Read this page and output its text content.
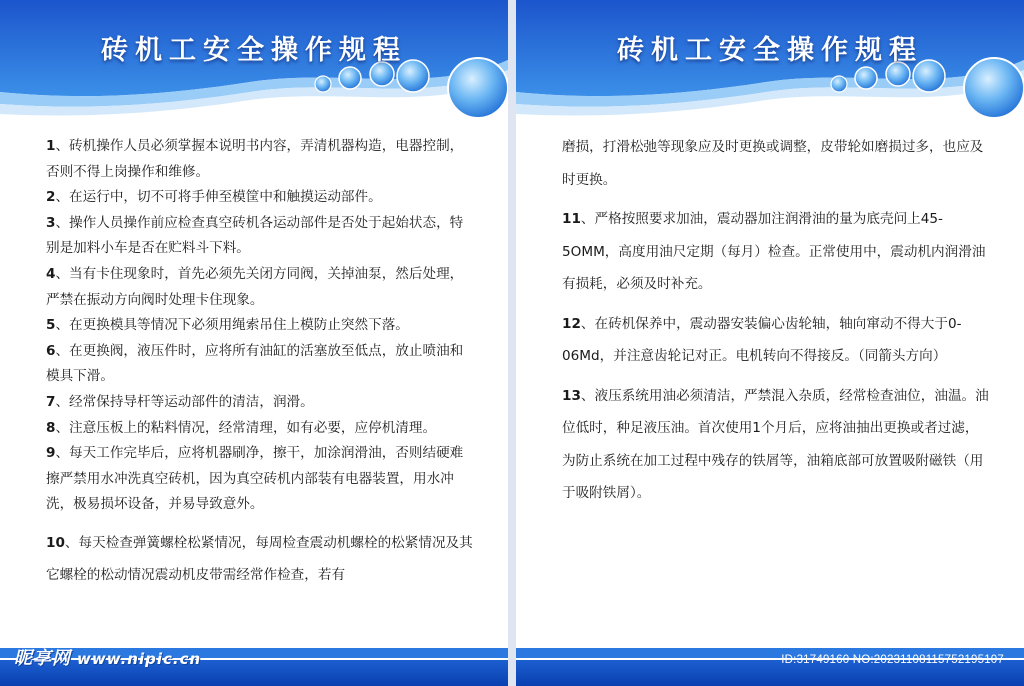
砖机工安全操作规程

1、砖机操作人员必须掌握本说明书内容，弄清机器构造，电器控制，否则不得上岗操作和维修。

2、在运行中，切不可将手伸至模筐中和触摸运动部件。

3、操作人员操作前应检查真空砖机各运动部件是否处于起始状态，特别是加料小车是否在贮料斗下料。

4、当有卡住现象时，首先必须先关闭方同阀，关掉油泵，然后处理，严禁在振动方向阀时处理卡住现象。

5、在更换模具等情况下必须用绳索吊住上模防止突然下落。

6、在更换阀，液压件时，应将所有油缸的活塞放至低点，放止喷油和模具下滑。

7、经常保持导杆等运动部件的清洁，润滑。

8、注意压板上的粘料情况，经常清理，如有必要，应停机清理。

9、每天工作完毕后，应将机器刷净，擦干，加涂润滑油，否则结硬难擦严禁用水冲洗真空砖机，因为真空砖机内部装有电器装置，用水冲洗，极易损坏设备，并易导致意外。

10、每天检查弹簧螺栓松紧情况，每周检查震动机螺栓的松紧情况及其它螺栓的松动情况震动机皮带需经常作检查，若有

昵享网 www.nipic.cn
砖机工安全操作规程

磨损，打滑松弛等现象应及时更换或调整，皮带轮如磨损过多，也应及时更换。

11、严格按照要求加油，震动器加注润滑油的量为底壳问上45-5OMM，高度用油尺定期（每月）检查。正常使用中，震动机内润滑油有损耗，必须及时补充。

12、在砖机保养中，震动器安装偏心齿轮轴，轴向窜动不得大于0-06Md，并注意齿轮记对正。电机转向不得接反。（同箭头方向）

13、液压系统用油必须清洁，严禁混入杂质，经常检查油位，油温。油位低时，种足液压油。首次使用1个月后，应将油抽出更换或者过滤，为防止系统在加工过程中残存的铁屑等，油箱底部可放置吸附磁铁（用于吸附铁屑）。

ID:31749160 NO:20231108115752195107
